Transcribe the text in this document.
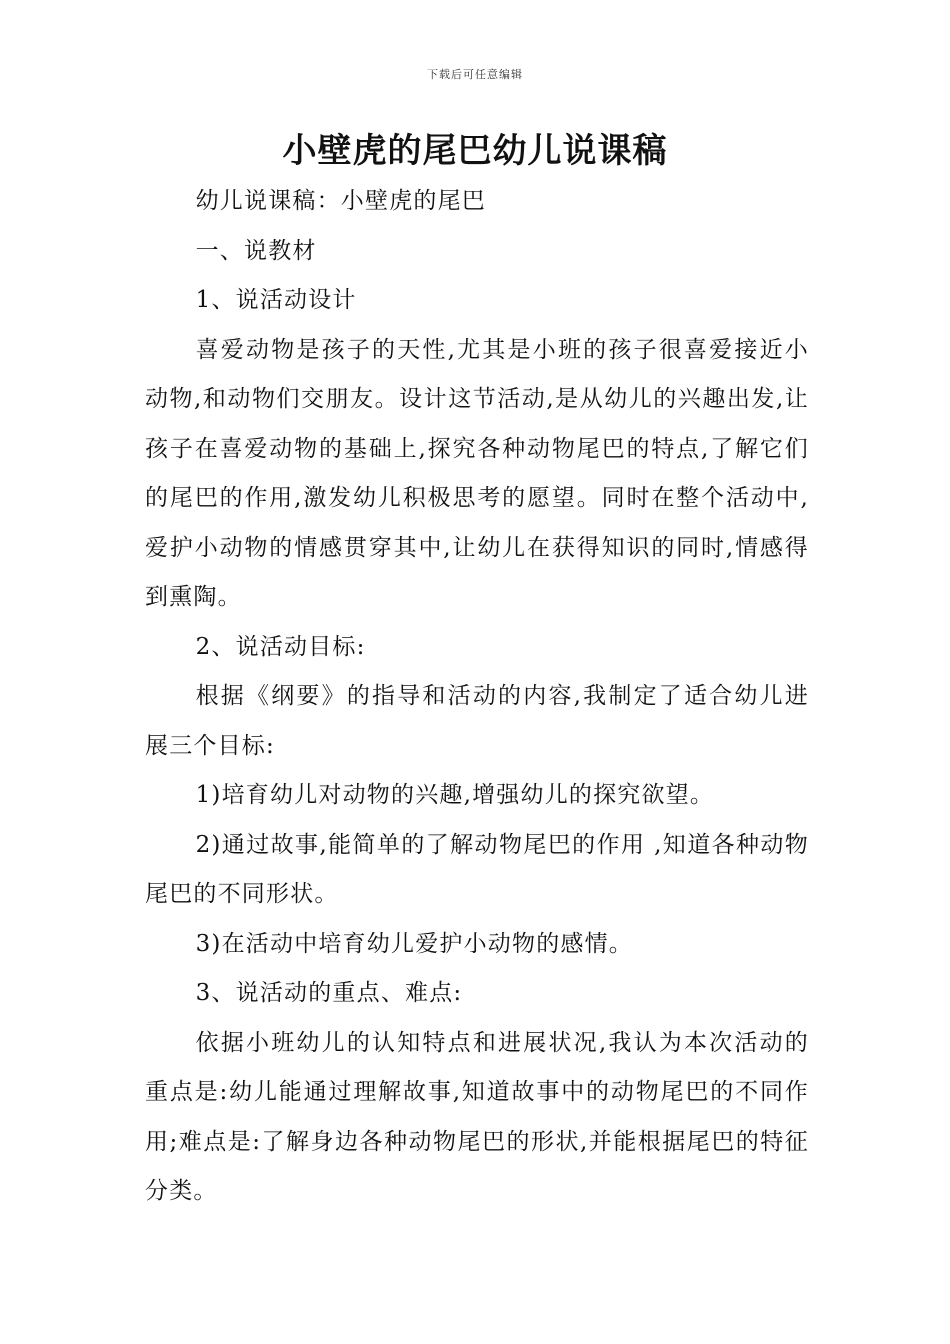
下载后可任意编辑
小壁虎的尾巴幼儿说课稿

幼儿说课稿：小壁虎的尾巴

一、说教材

1、说活动设计

喜爱动物是孩子的天性,尤其是小班的孩子很喜爱接近小动物,和动物们交朋友。设计这节活动,是从幼儿的兴趣出发,让孩子在喜爱动物的基础上,探究各种动物尾巴的特点,了解它们的尾巴的作用,激发幼儿积极思考的愿望。同时在整个活动中,爱护小动物的情感贯穿其中,让幼儿在获得知识的同时,情感得到熏陶。

2、说活动目标:

根据《纲要》的指导和活动的内容,我制定了适合幼儿进展三个目标:

1)培育幼儿对动物的兴趣,增强幼儿的探究欲望。

2)通过故事,能简单的了解动物尾巴的作用 ,知道各种动物尾巴的不同形状。

3)在活动中培育幼儿爱护小动物的感情。

3、说活动的重点、难点:

依据小班幼儿的认知特点和进展状况,我认为本次活动的重点是:幼儿能通过理解故事,知道故事中的动物尾巴的不同作用;难点是:了解身边各种动物尾巴的形状,并能根据尾巴的特征分类。
